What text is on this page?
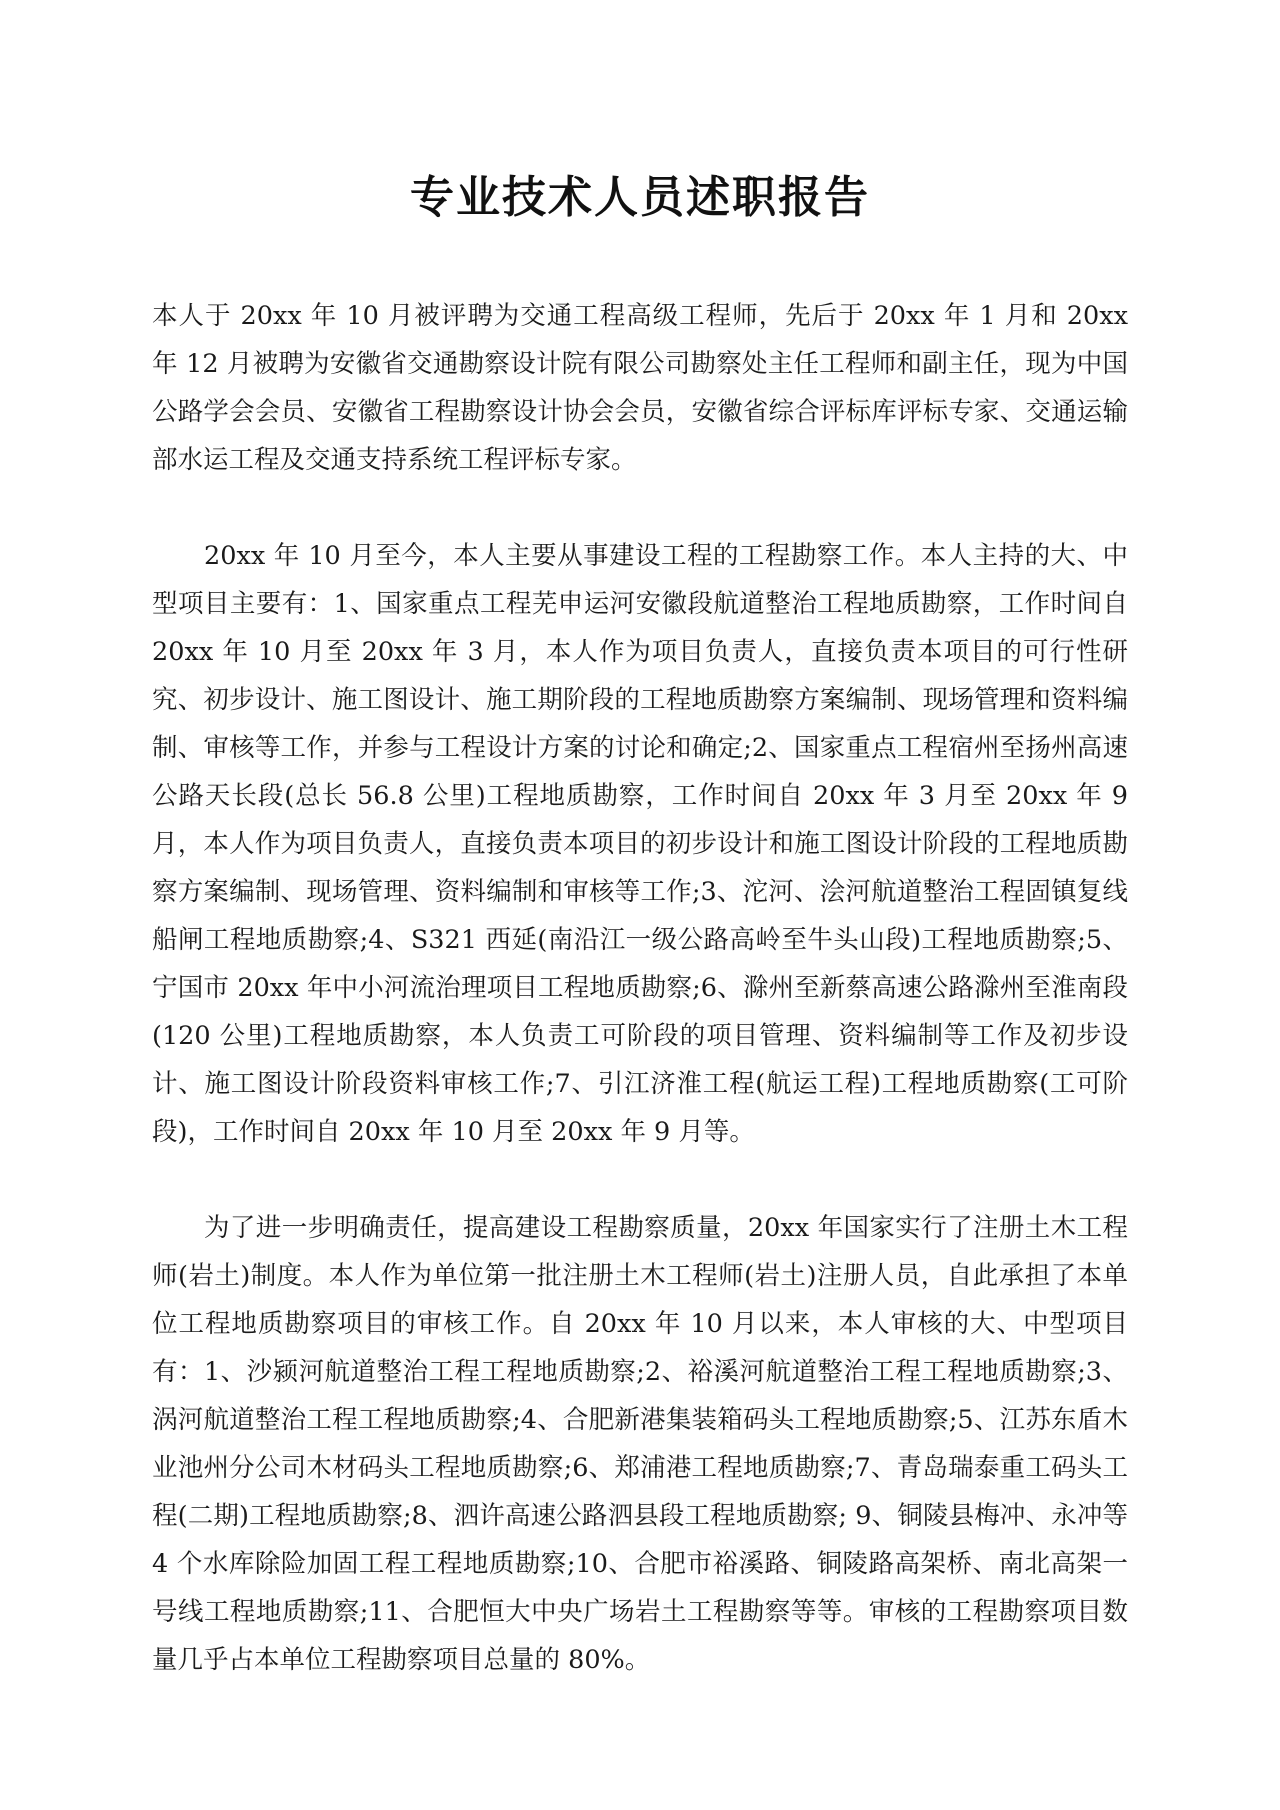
专业技术人员述职报告

本人于 20xx 年 10 月被评聘为交通工程高级工程师，先后于 20xx 年 1 月和 20xx 年 12 月被聘为安徽省交通勘察设计院有限公司勘察处主任工程师和副主任，现为中国公路学会会员、安徽省工程勘察设计协会会员，安徽省综合评标库评标专家、交通运输部水运工程及交通支持系统工程评标专家。

20xx 年 10 月至今，本人主要从事建设工程的工程勘察工作。本人主持的大、中型项目主要有：1、国家重点工程芜申运河安徽段航道整治工程地质勘察，工作时间自 20xx 年 10 月至 20xx 年 3 月，本人作为项目负责人，直接负责本项目的可行性研究、初步设计、施工图设计、施工期阶段的工程地质勘察方案编制、现场管理和资料编制、审核等工作，并参与工程设计方案的讨论和确定;2、国家重点工程宿州至扬州高速公路天长段(总长 56.8 公里)工程地质勘察，工作时间自 20xx 年 3 月至 20xx 年 9 月，本人作为项目负责人，直接负责本项目的初步设计和施工图设计阶段的工程地质勘察方案编制、现场管理、资料编制和审核等工作;3、沱河、浍河航道整治工程固镇复线船闸工程地质勘察;4、S321 西延(南沿江一级公路高岭至牛头山段)工程地质勘察;5、宁国市 20xx 年中小河流治理项目工程地质勘察;6、滁州至新蔡高速公路滁州至淮南段(120 公里)工程地质勘察，本人负责工可阶段的项目管理、资料编制等工作及初步设计、施工图设计阶段资料审核工作;7、引江济淮工程(航运工程)工程地质勘察(工可阶段)，工作时间自 20xx 年 10 月至 20xx 年 9 月等。

为了进一步明确责任，提高建设工程勘察质量，20xx 年国家实行了注册土木工程师(岩土)制度。本人作为单位第一批注册土木工程师(岩土)注册人员，自此承担了本单位工程地质勘察项目的审核工作。自 20xx 年 10 月以来，本人审核的大、中型项目有：1、沙颍河航道整治工程工程地质勘察;2、裕溪河航道整治工程工程地质勘察;3、涡河航道整治工程工程地质勘察;4、合肥新港集装箱码头工程地质勘察;5、江苏东盾木业池州分公司木材码头工程地质勘察;6、郑浦港工程地质勘察;7、青岛瑞泰重工码头工程(二期)工程地质勘察;8、泗许高速公路泗县段工程地质勘察; 9、铜陵县梅冲、永冲等 4 个水库除险加固工程工程地质勘察;10、合肥市裕溪路、铜陵路高架桥、南北高架一号线工程地质勘察;11、合肥恒大中央广场岩土工程勘察等等。审核的工程勘察项目数量几乎占本单位工程勘察项目总量的 80%。
